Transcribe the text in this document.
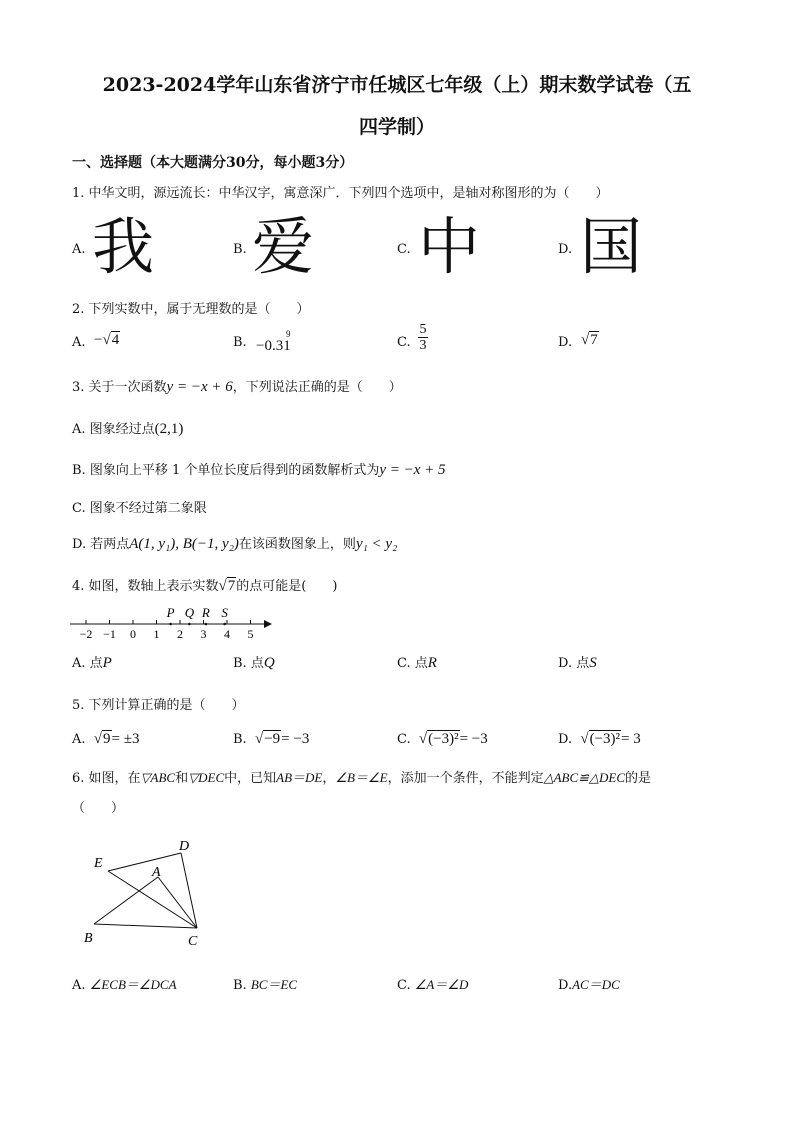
2023-2024学年山东省济宁市任城区七年级（上）期末数学试卷（五
四学制）
一、选择题（本大题满分30分，每小题3分）
1. 中华文明，源远流长：中华汉字，寓意深广．下列四个选项中，是轴对称图形的为（　　）
A. 我	B. 爱	C. 中	D. 国
2. 下列实数中，属于无理数的是（　　）
A. −√4	B. −0.31
9
C. $\frac{5}{3}$	D. √7
3. 关于一次函数y = −x + 6，下列说法正确的是（　　）
A. 图象经过点(2,1)
B. 图象向上平移 1 个单位长度后得到的函数解析式为y = −x + 5
C. 图象不经过第二象限
D. 若两点A(1, y₁), B(−1, y₂)在该函数图象上，则y₁ < y₂
4. 如图，数轴上表示实数√7的点可能是(　　)
−2 −1 0 1 2 3 4 5
P Q R S
A. 点P	B. 点Q	C. 点R	D. 点S
5. 下列计算正确的是（　　）
A. √9= ±3	B. √−9= −3	C. √(−3)²= −3	D. √(−3)²= 3
6. 如图，在▽ABC和▽DEC中，已知AB＝DE，∠B＝∠E，添加一个条件，不能判定△ABC≌△DEC的是
（　　）
E
D
A
B	C
A. ∠ECB＝∠DCA	B. BC＝EC	C. ∠A＝∠D	D.AC＝DC
